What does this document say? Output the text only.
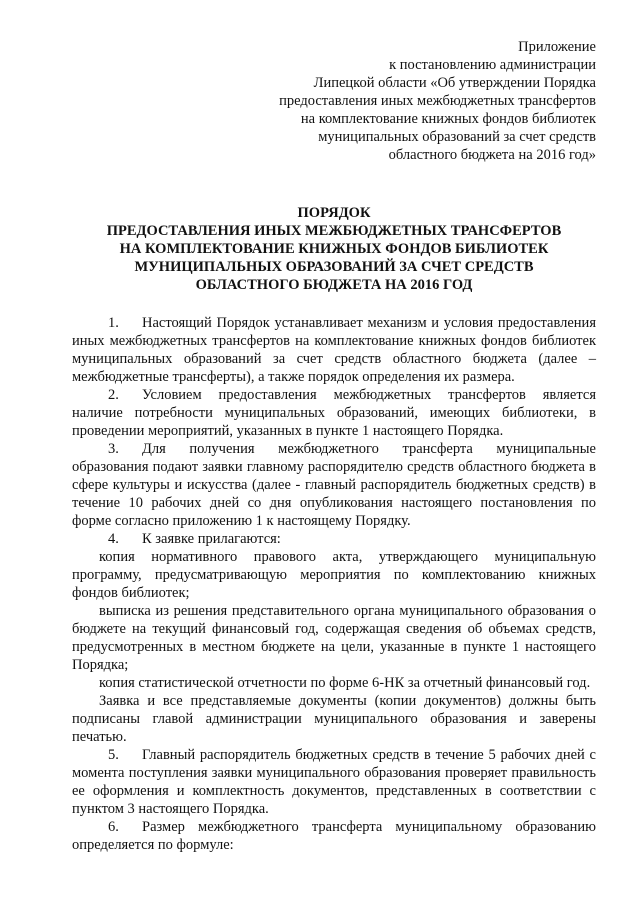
Приложение
к постановлению администрации
Липецкой области «Об утверждении Порядка
предоставления иных межбюджетных трансфертов
на комплектование книжных фондов библиотек
муниципальных образований за счет средств
областного бюджета на 2016 год»
ПОРЯДОК
ПРЕДОСТАВЛЕНИЯ ИНЫХ МЕЖБЮДЖЕТНЫХ ТРАНСФЕРТОВ
НА КОМПЛЕКТОВАНИЕ КНИЖНЫХ ФОНДОВ БИБЛИОТЕК
МУНИЦИПАЛЬНЫХ ОБРАЗОВАНИЙ ЗА СЧЕТ СРЕДСТВ
ОБЛАСТНОГО БЮДЖЕТА НА 2016 ГОД

1. Настоящий Порядок устанавливает механизм и условия предоставления иных межбюджетных трансфертов на комплектование книжных фондов библиотек муниципальных образований за счет средств областного бюджета (далее – межбюджетные трансферты), а также порядок определения их размера.

2. Условием предоставления межбюджетных трансфертов является наличие потребности муниципальных образований, имеющих библиотеки, в проведении мероприятий, указанных в пункте 1 настоящего Порядка.

3. Для получения межбюджетного трансферта муниципальные образования подают заявки главному распорядителю средств областного бюджета в сфере культуры и искусства (далее - главный распорядитель бюджетных средств) в течение 10 рабочих дней со дня опубликования настоящего постановления по форме согласно приложению 1 к настоящему Порядку.

4. К заявке прилагаются:

копия нормативного правового акта, утверждающего муниципальную программу, предусматривающую мероприятия по комплектованию книжных фондов библиотек;

выписка из решения представительного органа муниципального образования о бюджете на текущий финансовый год, содержащая сведения об объемах средств, предусмотренных в местном бюджете на цели, указанные в пункте 1 настоящего Порядка;

копия статистической отчетности по форме 6-НК за отчетный финансовый год.

Заявка и все представляемые документы (копии документов) должны быть подписаны главой администрации муниципального образования и заверены печатью.

5. Главный распорядитель бюджетных средств в течение 5 рабочих дней с момента поступления заявки муниципального образования проверяет правильность ее оформления и комплектность документов, представленных в соответствии с пунктом 3 настоящего Порядка.

6. Размер межбюджетного трансферта муниципальному образованию определяется по формуле:
